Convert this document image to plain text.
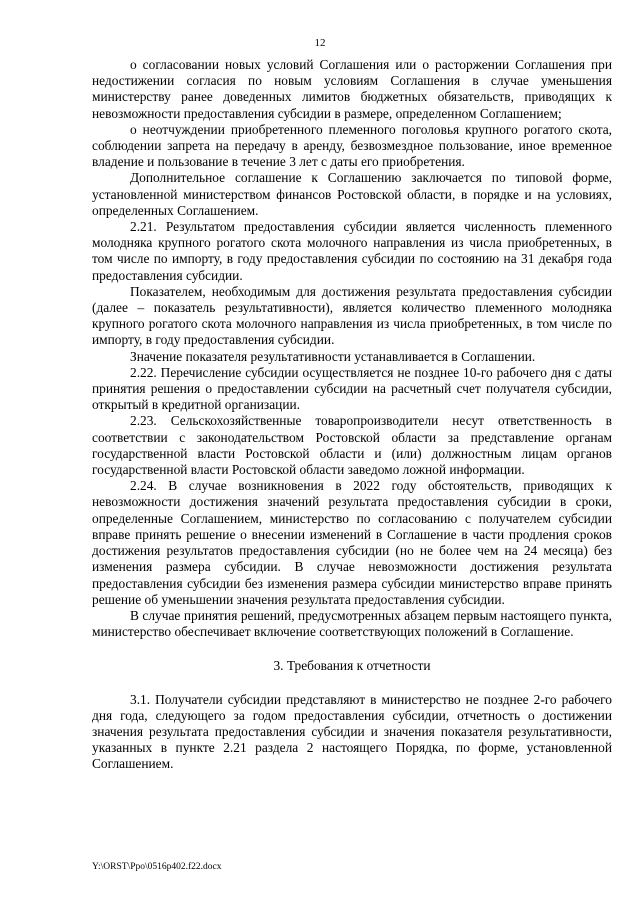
12

о согласовании новых условий Соглашения или о расторжении Соглашения при недостижении согласия по новым условиям Соглашения в случае уменьшения министерству ранее доведенных лимитов бюджетных обязательств, приводящих к невозможности предоставления субсидии в размере, определенном Соглашением;

о неотчуждении приобретенного племенного поголовья крупного рогатого скота, соблюдении запрета на передачу в аренду, безвозмездное пользование, иное временное владение и пользование в течение 3 лет с даты его приобретения.

Дополнительное соглашение к Соглашению заключается по типовой форме, установленной министерством финансов Ростовской области, в порядке и на условиях, определенных Соглашением.

2.21. Результатом предоставления субсидии является численность племенного молодняка крупного рогатого скота молочного направления из числа приобретенных, в том числе по импорту, в году предоставления субсидии по состоянию на 31 декабря года предоставления субсидии.

Показателем, необходимым для достижения результата предоставления субсидии (далее – показатель результативности), является количество племенного молодняка крупного рогатого скота молочного направления из числа приобретенных, в том числе по импорту, в году предоставления субсидии.

Значение показателя результативности устанавливается в Соглашении.

2.22. Перечисление субсидии осуществляется не позднее 10-го рабочего дня с даты принятия решения о предоставлении субсидии на расчетный счет получателя субсидии, открытый в кредитной организации.

2.23. Сельскохозяйственные товаропроизводители несут ответственность в соответствии с законодательством Ростовской области за представление органам государственной власти Ростовской области и (или) должностным лицам органов государственной власти Ростовской области заведомо ложной информации.

2.24. В случае возникновения в 2022 году обстоятельств, приводящих к невозможности достижения значений результата предоставления субсидии в сроки, определенные Соглашением, министерство по согласованию с получателем субсидии вправе принять решение о внесении изменений в Соглашение в части продления сроков достижения результатов предоставления субсидии (но не более чем на 24 месяца) без изменения размера субсидии. В случае невозможности достижения результата предоставления субсидии без изменения размера субсидии министерство вправе принять решение об уменьшении значения результата предоставления субсидии.

В случае принятия решений, предусмотренных абзацем первым настоящего пункта, министерство обеспечивает включение соответствующих положений в Соглашение.

3. Требования к отчетности

3.1. Получатели субсидии представляют в министерство не позднее 2-го рабочего дня года, следующего за годом предоставления субсидии, отчетность о достижении значения результата предоставления субсидии и значения показателя результативности, указанных в пункте 2.21 раздела 2 настоящего Порядка, по форме, установленной Соглашением.

Y:\ORST\Ppo\0516p402.f22.docx
